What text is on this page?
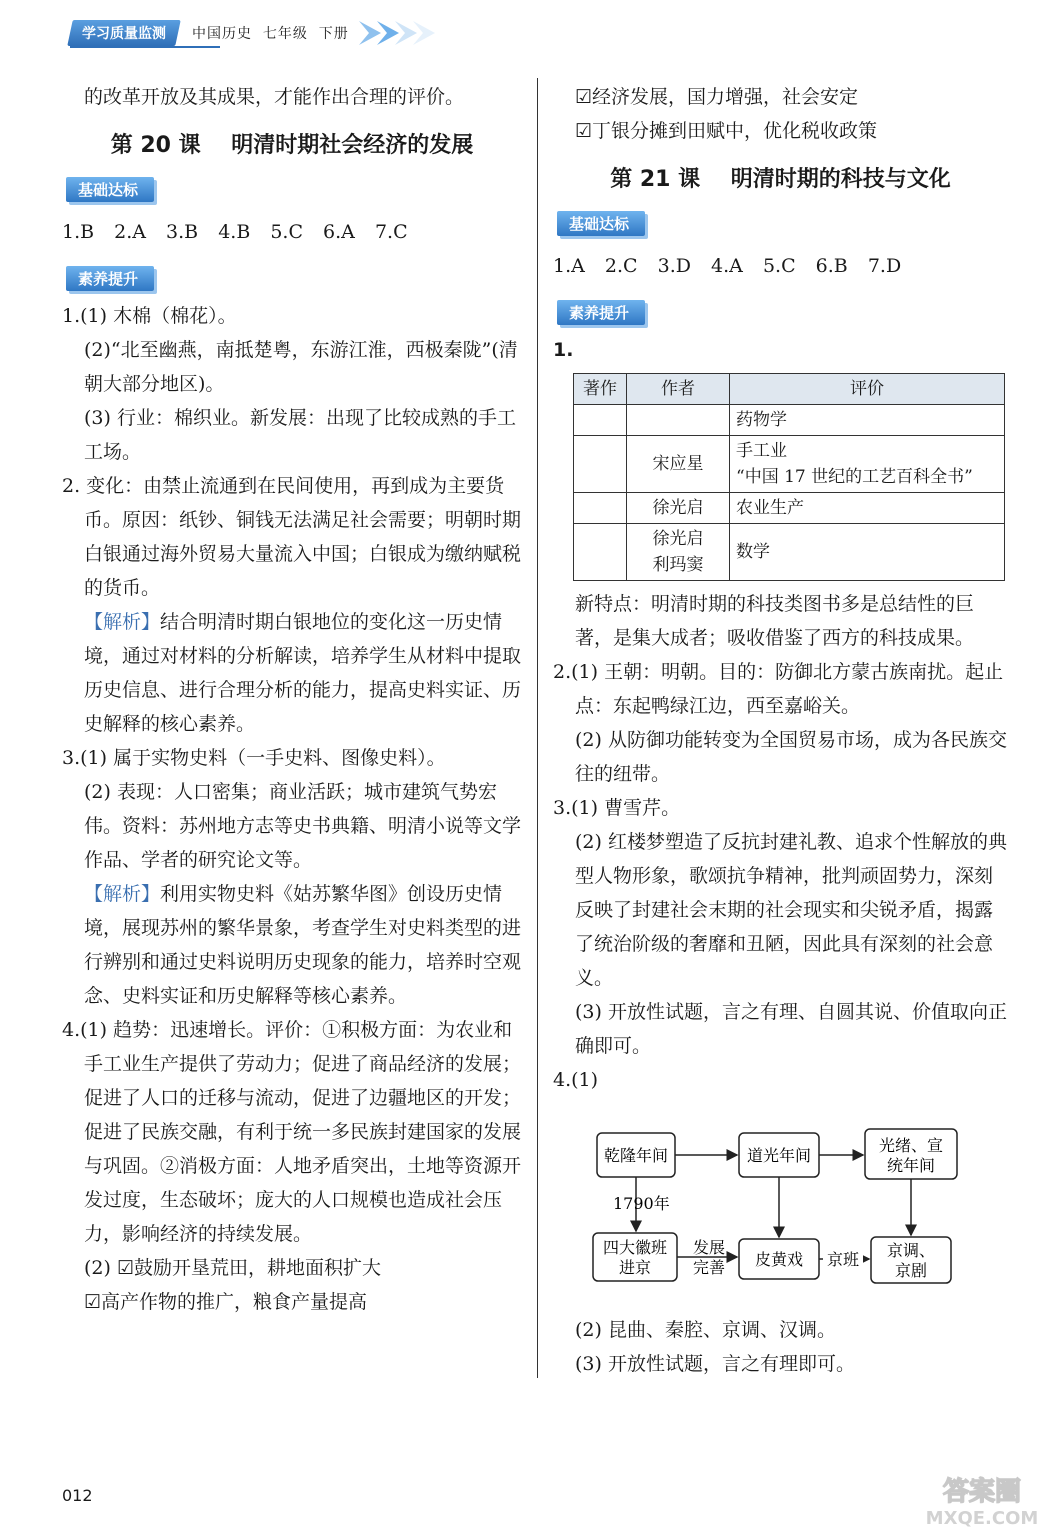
学习质量监测	中国历史  七年级  下册

的改革开放及其成果，才能作出合理的评价。

第 20 课    明清时期社会经济的发展
基础达标
1.B 2.A 3.B 4.B 5.C 6.A 7.C
素养提升

1.(1) 木棉（棉花）。

(2)“北至幽燕，南抵楚粤，东游江淮，西极秦陇”(清朝大部分地区)。

(3) 行业：棉织业。新发展：出现了比较成熟的手工工场。

2. 变化：由禁止流通到在民间使用，再到成为主要货币。原因：纸钞、铜钱无法满足社会需要；明朝时期白银通过海外贸易大量流入中国；白银成为缴纳赋税的货币。

【解析】结合明清时期白银地位的变化这一历史情境，通过对材料的分析解读，培养学生从材料中提取历史信息、进行合理分析的能力，提高史料实证、历史解释的核心素养。

3.(1) 属于实物史料（一手史料、图像史料）。

(2) 表现：人口密集；商业活跃；城市建筑气势宏伟。资料：苏州地方志等史书典籍、明清小说等文学作品、学者的研究论文等。

【解析】利用实物史料《姑苏繁华图》创设历史情境，展现苏州的繁华景象，考查学生对史料类型的进行辨别和通过史料说明历史现象的能力，培养时空观念、史料实证和历史解释等核心素养。

4.(1) 趋势：迅速增长。评价：①积极方面：为农业和手工业生产提供了劳动力；促进了商品经济的发展；促进了人口的迁移与流动，促进了边疆地区的开发；促进了民族交融，有利于统一多民族封建国家的发展与巩固。②消极方面：人地矛盾突出，土地等资源开发过度，生态破坏；庞大的人口规模也造成社会压力，影响经济的持续发展。

(2) ☑鼓励开垦荒田，耕地面积扩大

☑高产作物的推广，粮食产量提高

☑经济发展，国力增强，社会安定

☑丁银分摊到田赋中，优化税收政策

第 21 课    明清时期的科技与文化
基础达标
1.A 2.C 3.D 4.A 5.C 6.B 7.D
素养提升

1.

著作	作者	评价
		药物学
	宋应星	手工业
“中国 17 世纪的工艺百科全书”

	徐光启	农业生产

	徐光启
利玛窦	数学

新特点：明清时期的科技类图书多是总结性的巨著，是集大成者；吸收借鉴了西方的科技成果。

2.(1) 王朝：明朝。目的：防御北方蒙古族南扰。起止点：东起鸭绿江边，西至嘉峪关。

(2) 从防御功能转变为全国贸易市场，成为各民族交往的纽带。

3.(1) 曹雪芹。

(2) 红楼梦塑造了反抗封建礼教、追求个性解放的典型人物形象，歌颂抗争精神，批判顽固势力，深刻反映了封建社会末期的社会现实和尖锐矛盾，揭露了统治阶级的奢靡和丑陋，因此具有深刻的社会意义。

(3) 开放性试题，言之有理、自圆其说、价值取向正确即可。

4.(1)

乾隆年间	道光年间
光绪、宣
统年间
1790年
四大徽班
进京
发展
完善 皮黄戏 京班 京调、
京剧

(2) 昆曲、秦腔、京调、汉调。

(3) 开放性试题，言之有理即可。

012	答案圈
MXQE.COM
